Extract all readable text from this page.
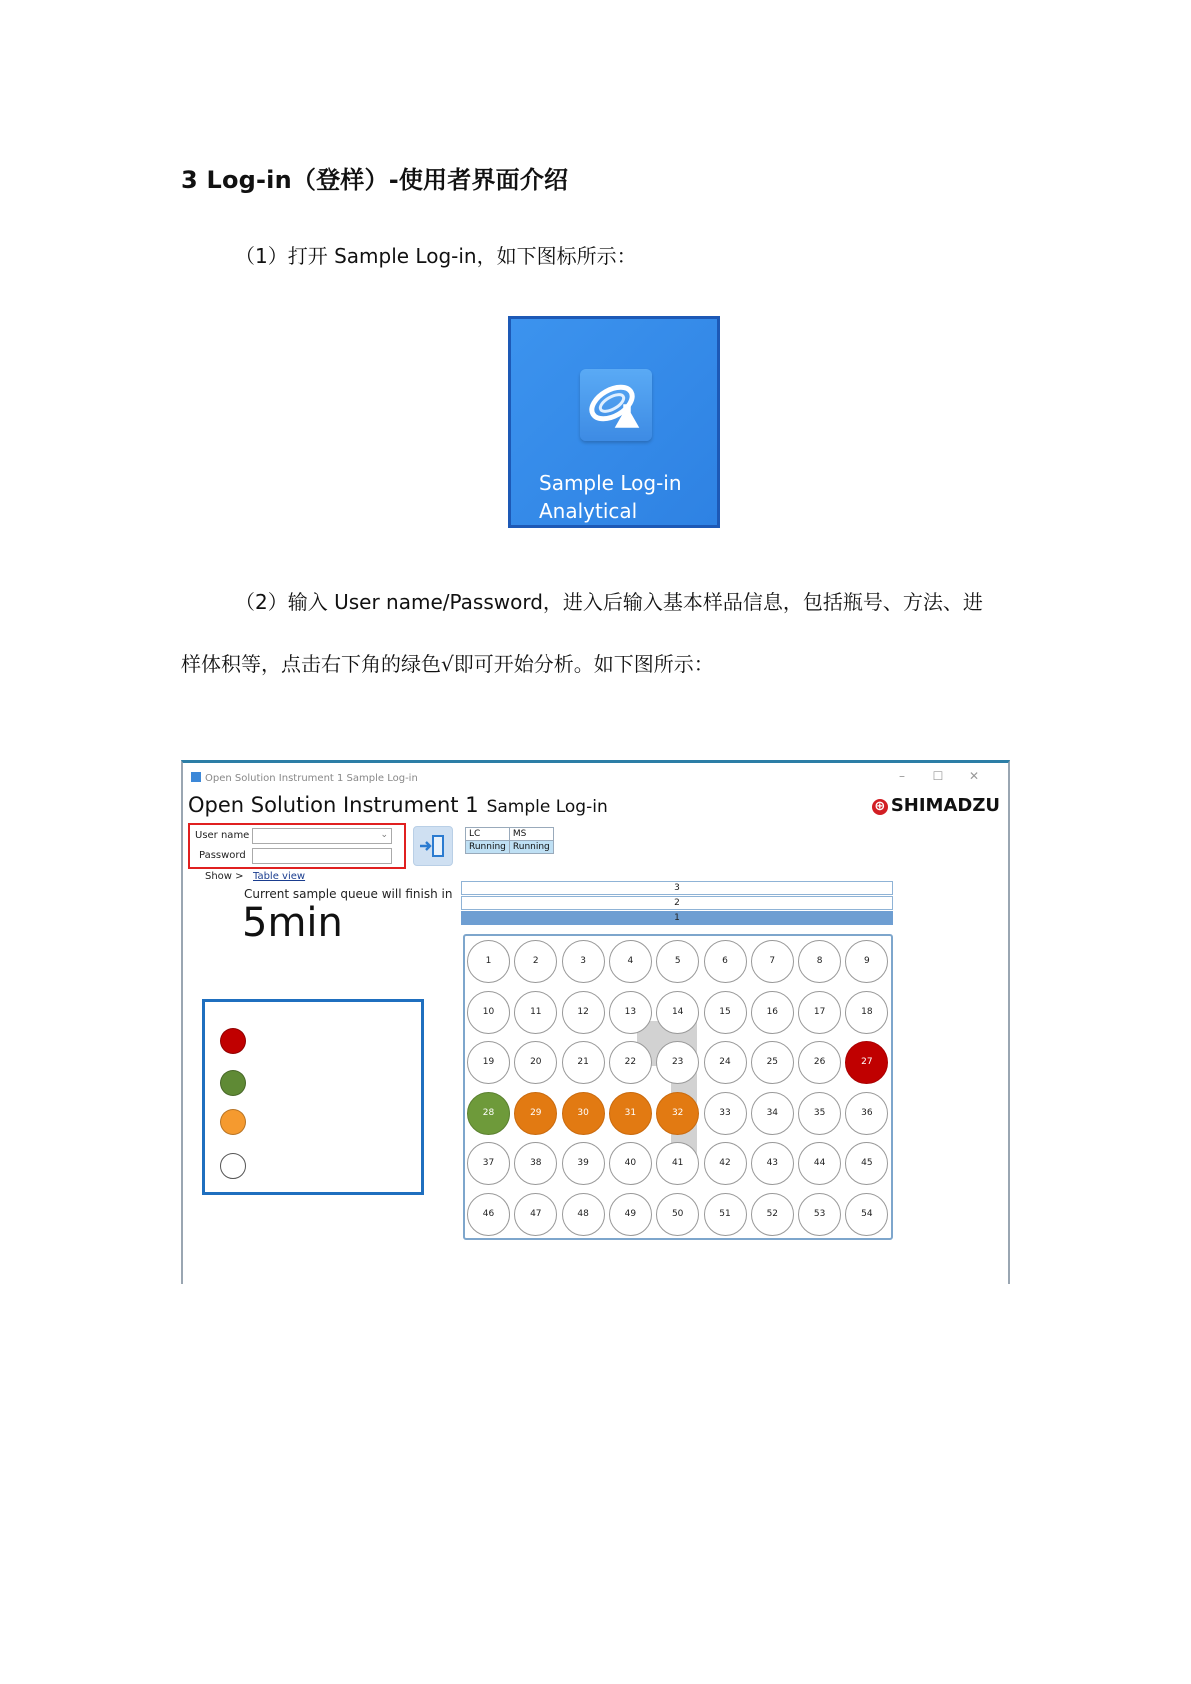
3 Log-in（登样）-使用者界面介绍

（1）打开 Sample Log-in，如下图标所示：

Sample Log-in
Analytical

（2）输入 User name/Password，进入后输入基本样品信息，包括瓶号、方法、进

样体积等，点击右下角的绿色√即可开始分析。如下图所示：

Open Solution Instrument 1 Sample Log-in	– ☐ ✕
Open Solution Instrument 1 Sample Log-in	⊕ SHIMADZU
User name	⌄
Password
LC	MS
Running	Running
Show > Table view
Current sample queue will finish in
5min
3
2
1
1	2	3	4	5	6	7	8	9
10	11	12	13	14	15	16	17	18
19	20	21	22	23	24	25	26	27
28	29	30	31	32	33	34	35	36
37	38	39	40	41	42	43	44	45
46	47	48	49	50	51	52	53	54
